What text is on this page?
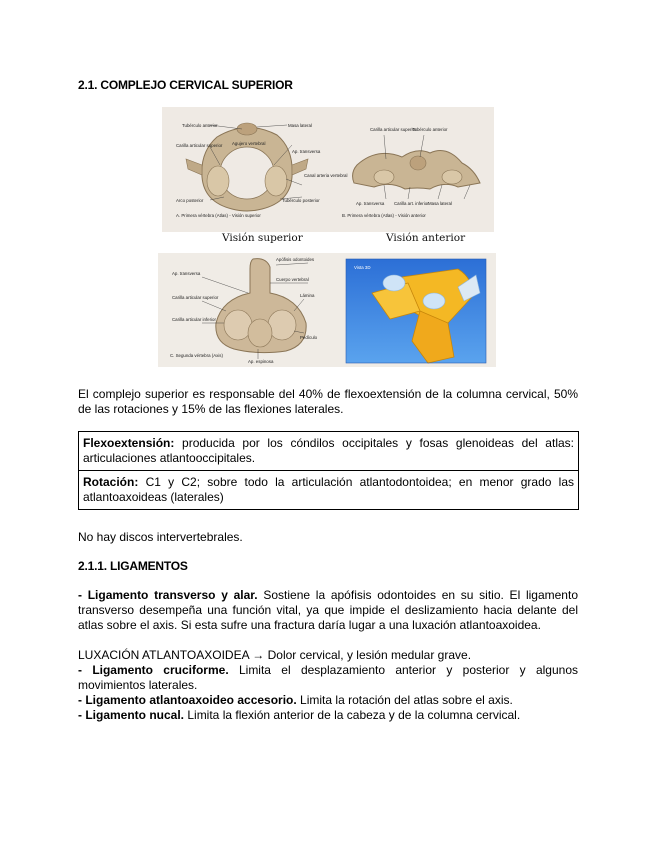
2.1. COMPLEJO CERVICAL SUPERIOR
Tubérculo anterior	Masa lateral
Carilla articular superior Agujero vertebral
Ap. transversa
Canal arteria vertebral
Arco posterior	Tubérculo posterior
A. Primera vértebra (Atlas) - Visión superior
Carilla articular superior
Tubérculo anterior
Masa lateral
Carilla art. inferior
Ap. transversa
B. Primera vértebra (Atlas) - Visión anterior
Visión superior	Visión anterior
Apófisis odontoides
Cuerpo vertebral
Ap. transversa
Carilla articular superior
Carilla articular inferior
Lámina
Pedículo
Ap. espinosa
C. Segunda vértebra (Axis)
Vista 3D
El complejo superior es responsable del 40% de flexoextensión de la columna cervical, 50% de las rotaciones y 15% de las flexiones laterales.
Flexoextensión: producida por los cóndilos occipitales y fosas glenoideas del atlas: articulaciones atlantooccipitales.
Rotación: C1 y C2; sobre todo la articulación atlantodontoidea; en menor grado las atlantoaxoideas (laterales)
No hay discos intervertebrales.
2.1.1. LIGAMENTOS
- Ligamento transverso y alar. Sostiene la apófisis odontoides en su sitio. El ligamento transverso desempeña una función vital, ya que impide el deslizamiento hacia delante del atlas sobre el axis. Si esta sufre una fractura daría lugar a una luxación atlantoaxoidea.
LUXACIÓN ATLANTOAXOIDEA → Dolor cervical, y lesión medular grave.
- Ligamento cruciforme. Limita el desplazamiento anterior y posterior y algunos movimientos laterales.
- Ligamento atlantoaxoideo accesorio. Limita la rotación del atlas sobre el axis.
- Ligamento nucal. Limita la flexión anterior de la cabeza y de la columna cervical.
